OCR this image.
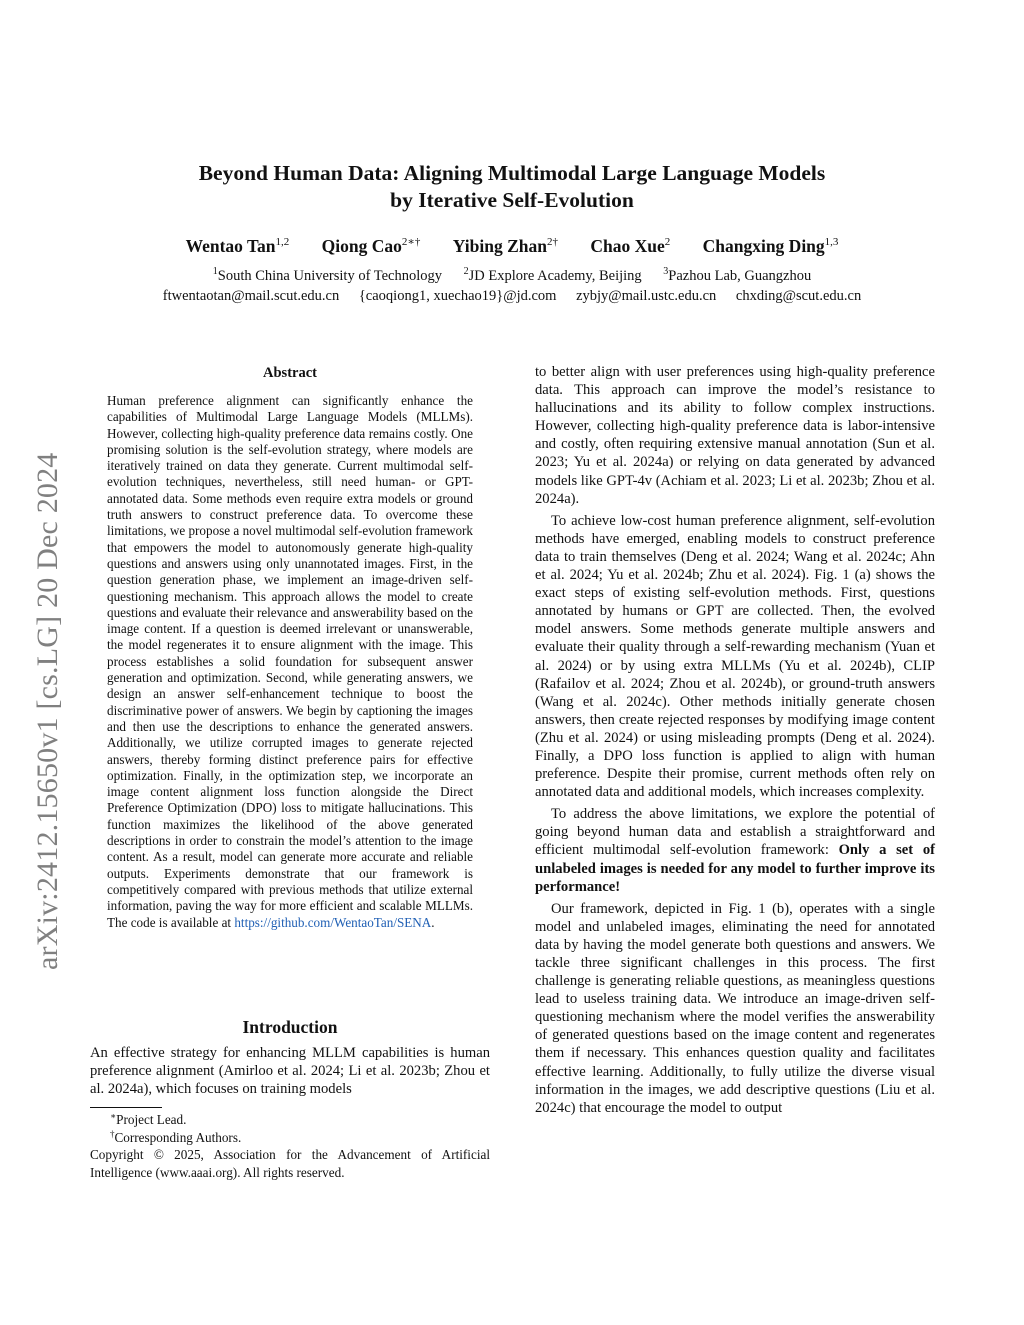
Beyond Human Data: Aligning Multimodal Large Language Models
by Iterative Self-Evolution
Wentao Tan$^{1,2}$ Qiong Cao$^{2∗\dagger}$ Yibing Zhan$^{2\dagger}$ Chao Xue$^2$ Changxing Ding$^{1,3}$
$^1$South China University of Technology $^2$JD Explore Academy, Beijing $^3$Pazhou Lab, Guangzhou
ftwentaotan@mail.scut.edu.cn {caoqiong1, xuechao19}@jd.com zybjy@mail.ustc.edu.cn chxding@scut.edu.cn
arXiv:2412.15650v1 [cs.LG] 20 Dec 2024
Abstract
Human preference alignment can significantly enhance the capabilities of Multimodal Large Language Models (MLLMs). However, collecting high-quality preference data remains costly. One promising solution is the self-evolution strategy, where models are iteratively trained on data they generate. Current multimodal self-evolution techniques, nevertheless, still need human- or GPT-annotated data. Some methods even require extra models or ground truth answers to construct preference data. To overcome these limitations, we propose a novel multimodal self-evolution framework that empowers the model to autonomously generate high-quality questions and answers using only unannotated images. First, in the question generation phase, we implement an image-driven self-questioning mechanism. This approach allows the model to create questions and evaluate their relevance and answerability based on the image content. If a question is deemed irrelevant or unanswerable, the model regenerates it to ensure alignment with the image. This process establishes a solid foundation for subsequent answer generation and optimization. Second, while generating answers, we design an answer self-enhancement technique to boost the discriminative power of answers. We begin by captioning the images and then use the descriptions to enhance the generated answers. Additionally, we utilize corrupted images to generate rejected answers, thereby forming distinct preference pairs for effective optimization. Finally, in the optimization step, we incorporate an image content alignment loss function alongside the Direct Preference Optimization (DPO) loss to mitigate hallucinations. This function maximizes the likelihood of the above generated descriptions in order to constrain the model’s attention to the image content. As a result, model can generate more accurate and reliable outputs. Experiments demonstrate that our framework is competitively compared with previous methods that utilize external information, paving the way for more efficient and scalable MLLMs. The code is available at https://github.com/WentaoTan/SENA.
Introduction

An effective strategy for enhancing MLLM capabilities is human preference alignment (Amirloo et al. 2024; Li et al. 2023b; Zhou et al. 2024a), which focuses on training models

∗Project Lead.
†Corresponding Authors.
Copyright © 2025, Association for the Advancement of Artificial Intelligence (www.aaai.org). All rights reserved.

to better align with user preferences using high-quality preference data. This approach can improve the model’s resistance to hallucinations and its ability to follow complex instructions. However, collecting high-quality preference data is labor-intensive and costly, often requiring extensive manual annotation (Sun et al. 2023; Yu et al. 2024a) or relying on data generated by advanced models like GPT-4v (Achiam et al. 2023; Li et al. 2023b; Zhou et al. 2024a).

To achieve low-cost human preference alignment, self-evolution methods have emerged, enabling models to construct preference data to train themselves (Deng et al. 2024; Wang et al. 2024c; Ahn et al. 2024; Yu et al. 2024b; Zhu et al. 2024). Fig. 1 (a) shows the exact steps of existing self-evolution methods. First, questions annotated by humans or GPT are collected. Then, the evolved model answers. Some methods generate multiple answers and evaluate their quality through a self-rewarding mechanism (Yuan et al. 2024) or by using extra MLLMs (Yu et al. 2024b), CLIP (Rafailov et al. 2024; Zhou et al. 2024b), or ground-truth answers (Wang et al. 2024c). Other methods initially generate chosen answers, then create rejected responses by modifying image content (Zhu et al. 2024) or using misleading prompts (Deng et al. 2024). Finally, a DPO loss function is applied to align with human preference. Despite their promise, current methods often rely on annotated data and additional models, which increases complexity.

To address the above limitations, we explore the potential of going beyond human data and establish a straightforward and efficient multimodal self-evolution framework: Only a set of unlabeled images is needed for any model to further improve its performance!

Our framework, depicted in Fig. 1 (b), operates with a single model and unlabeled images, eliminating the need for annotated data by having the model generate both questions and answers. We tackle three significant challenges in this process. The first challenge is generating reliable questions, as meaningless questions lead to useless training data. We introduce an image-driven self-questioning mechanism where the model verifies the answerability of generated questions based on the image content and regenerates them if necessary. This enhances question quality and facilitates effective learning. Additionally, to fully utilize the diverse visual information in the images, we add descriptive questions (Liu et al. 2024c) that encourage the model to output
